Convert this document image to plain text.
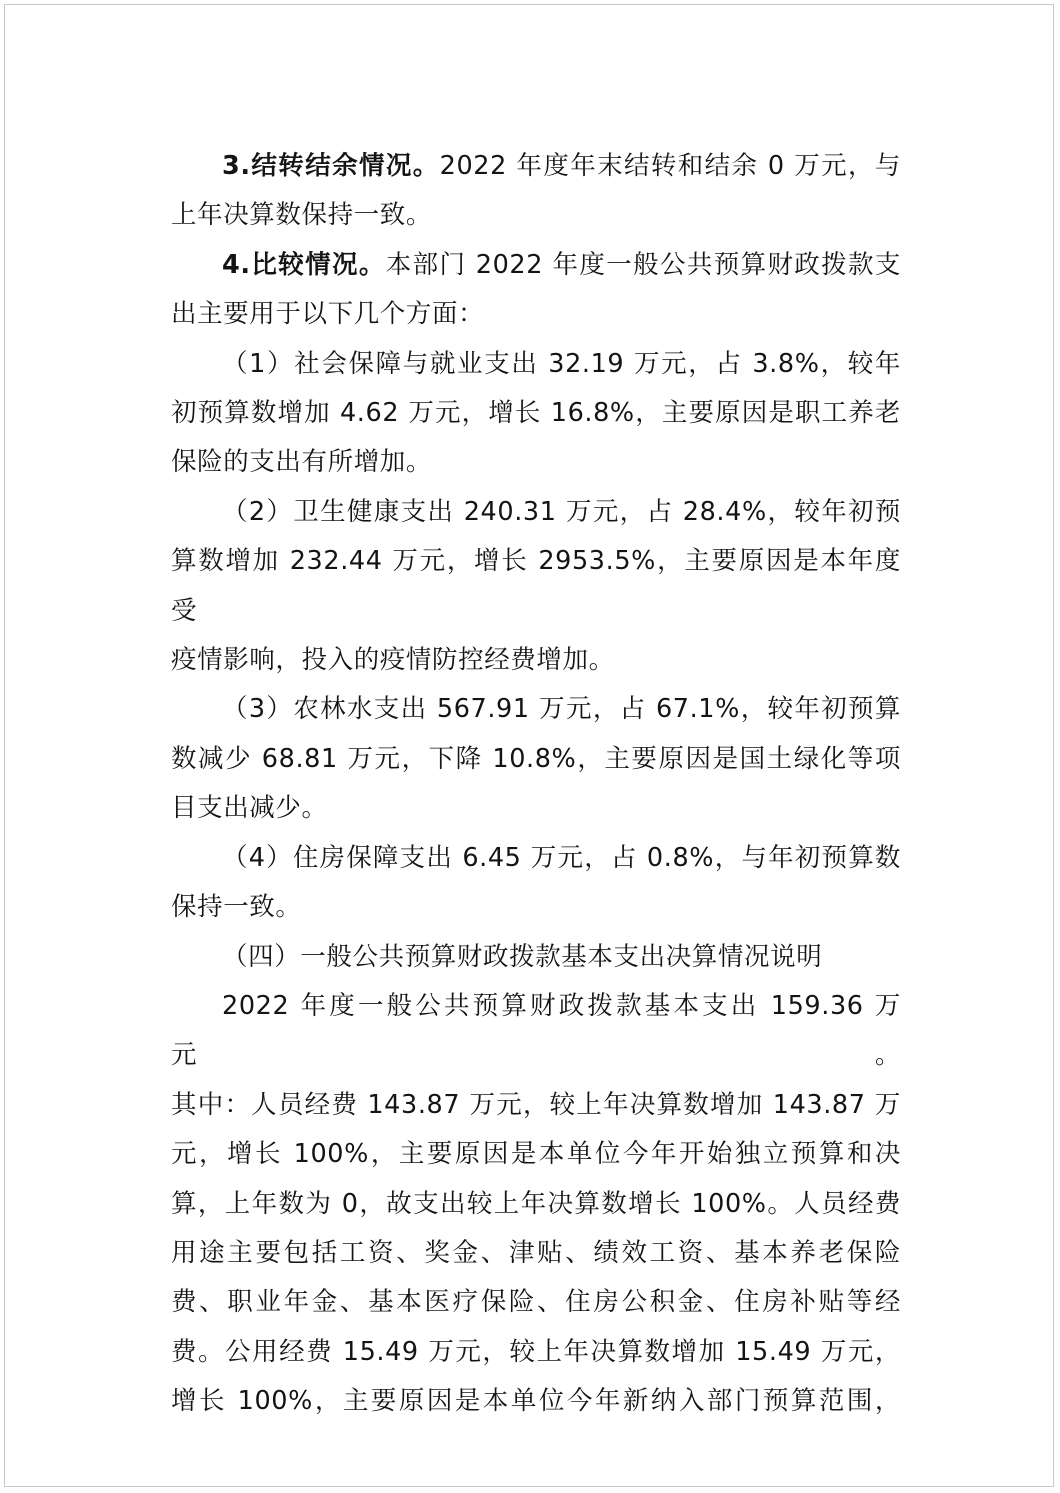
3.结转结余情况。2022 年度年末结转和结余 0 万元，与

上年决算数保持一致。

4.比较情况。本部门 2022 年度一般公共预算财政拨款支

出主要用于以下几个方面：

（1）社会保障与就业支出 32.19 万元，占 3.8%，较年

初预算数增加 4.62 万元，增长 16.8%，主要原因是职工养老

保险的支出有所增加。

（2）卫生健康支出 240.31 万元，占 28.4%，较年初预

算数增加 232.44 万元，增长 2953.5%，主要原因是本年度受

疫情影响，投入的疫情防控经费增加。

（3）农林水支出 567.91 万元，占 67.1%，较年初预算

数减少 68.81 万元，下降 10.8%，主要原因是国土绿化等项

目支出减少。

（4）住房保障支出 6.45 万元，占 0.8%，与年初预算数

保持一致。

（四）一般公共预算财政拨款基本支出决算情况说明

2022 年度一般公共预算财政拨款基本支出 159.36 万元。

其中：人员经费 143.87 万元，较上年决算数增加 143.87 万

元，增长 100%，主要原因是本单位今年开始独立预算和决

算，上年数为 0，故支出较上年决算数增长 100%。人员经费

用途主要包括工资、奖金、津贴、绩效工资、基本养老保险

费、职业年金、基本医疗保险、住房公积金、住房补贴等经

费。公用经费 15.49 万元，较上年决算数增加 15.49 万元，

增长 100%，主要原因是本单位今年新纳入部门预算范围，
